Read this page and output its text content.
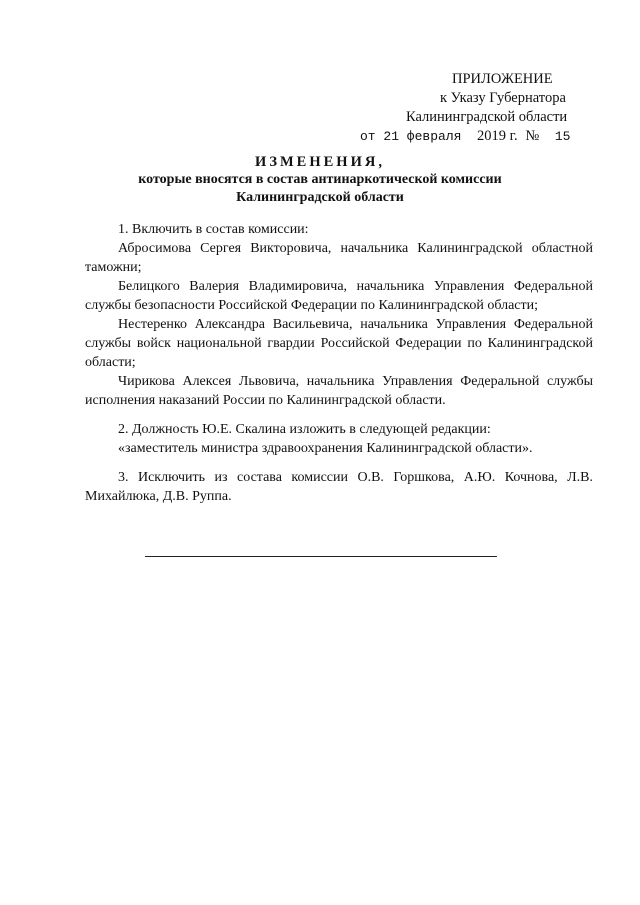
ПРИЛОЖЕНИЕ
к Указу Губернатора
Калининградской области
от 21 февраля 2019 г. № 15
ИЗМЕНЕНИЯ,
которые вносятся в состав антинаркотической комиссии
Калининградской области

1. Включить в состав комиссии:

Абросимова Сергея Викторовича, начальника Калининградской областной таможни;

Белицкого Валерия Владимировича, начальника Управления Федеральной службы безопасности Российской Федерации по Калининградской области;

Нестеренко Александра Васильевича, начальника Управления Федеральной службы войск национальной гвардии Российской Федерации по Калининградской области;

Чирикова Алексея Львовича, начальника Управления Федеральной службы исполнения наказаний России по Калининградской области.

2. Должность Ю.Е. Скалина изложить в следующей редакции:

«заместитель министра здравоохранения Калининградской области».

3. Исключить из состава комиссии О.В. Горшкова, А.Ю. Кочнова, Л.В. Михайлюка, Д.В. Руппа.
